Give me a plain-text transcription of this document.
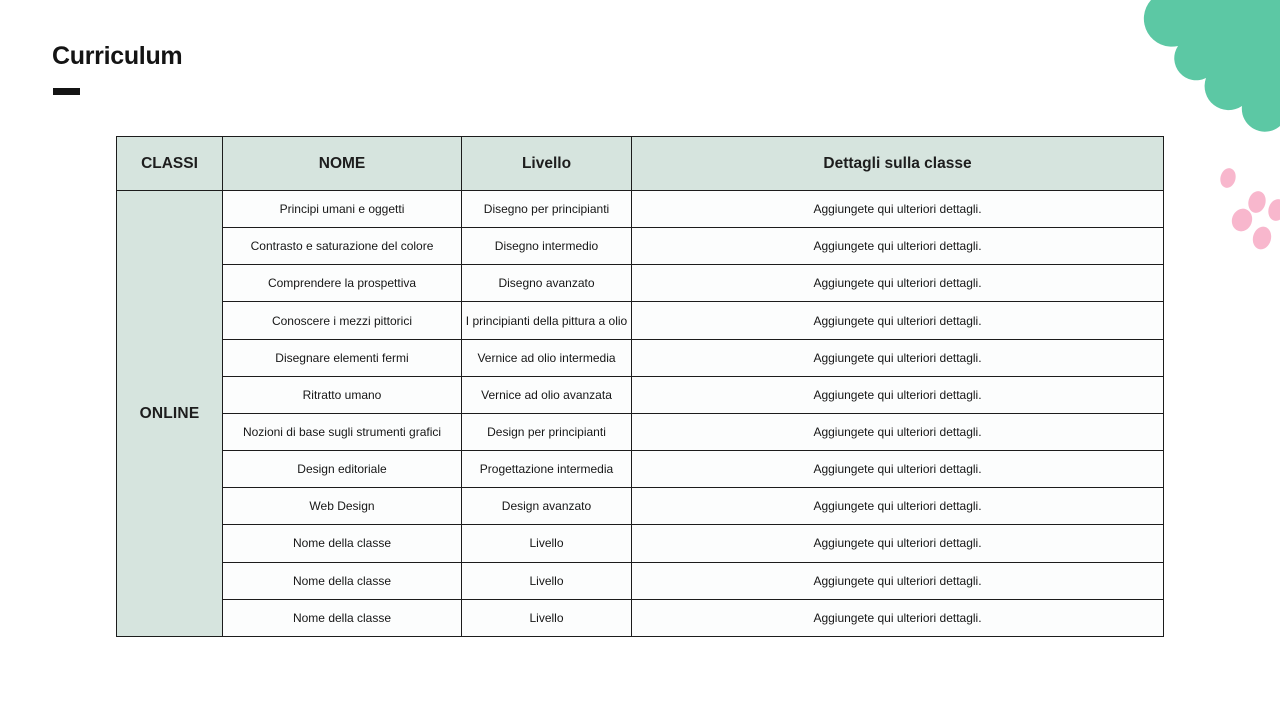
Curriculum
CLASSI	NOME	Livello	Dettagli sulla classe
ONLINE	Principi umani e oggetti	Disegno per principianti	Aggiungete qui ulteriori dettagli.
	Contrasto e saturazione del colore	Disegno intermedio	Aggiungete qui ulteriori dettagli.
	Comprendere la prospettiva	Disegno avanzato	Aggiungete qui ulteriori dettagli.
	Conoscere i mezzi pittorici	I principianti della pittura a olio	Aggiungete qui ulteriori dettagli.
	Disegnare elementi fermi	Vernice ad olio intermedia	Aggiungete qui ulteriori dettagli.
	Ritratto umano	Vernice ad olio avanzata	Aggiungete qui ulteriori dettagli.
	Nozioni di base sugli strumenti grafici	Design per principianti	Aggiungete qui ulteriori dettagli.
	Design editoriale	Progettazione intermedia	Aggiungete qui ulteriori dettagli.
	Web Design	Design avanzato	Aggiungete qui ulteriori dettagli.
	Nome della classe	Livello	Aggiungete qui ulteriori dettagli.
	Nome della classe	Livello	Aggiungete qui ulteriori dettagli.
	Nome della classe	Livello	Aggiungete qui ulteriori dettagli.
